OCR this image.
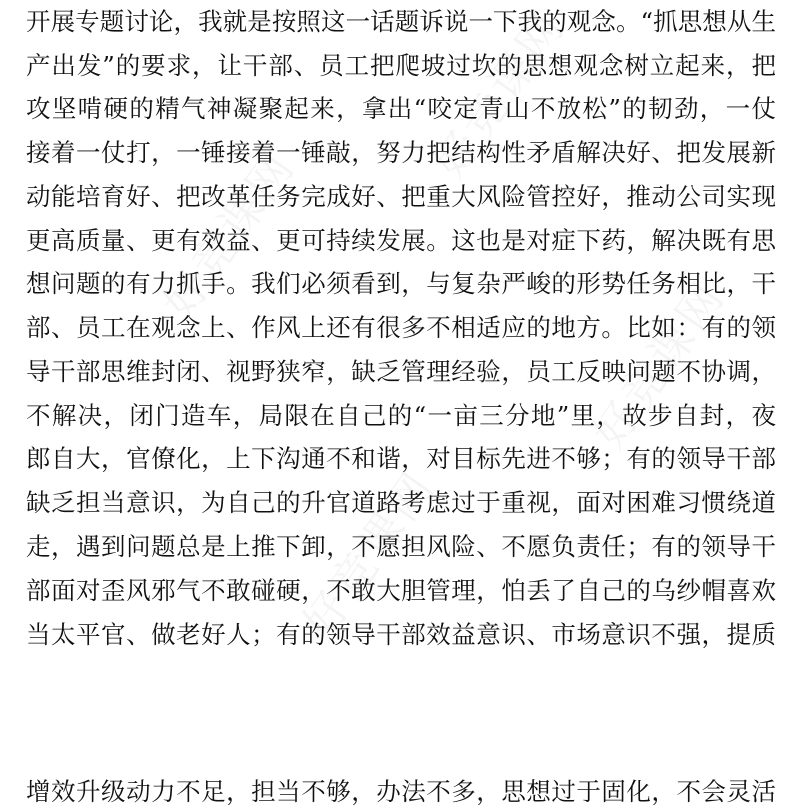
好竞课网
好竞课网
好竞课网
好竞课网
开展专题讨论，我就是按照这一话题诉说一下我的观念。“抓思想从生
产出发”的要求，让干部、员工把爬坡过坎的思想观念树立起来，把
攻坚啃硬的精气神凝聚起来，拿出“咬定青山不放松”的韧劲，一仗
接着一仗打，一锤接着一锤敲，努力把结构性矛盾解决好、把发展新
动能培育好、把改革任务完成好、把重大风险管控好，推动公司实现
更高质量、更有效益、更可持续发展。这也是对症下药，解决既有思
想问题的有力抓手。我们必须看到，与复杂严峻的形势任务相比，干
部、员工在观念上、作风上还有很多不相适应的地方。比如：有的领
导干部思维封闭、视野狭窄，缺乏管理经验，员工反映问题不协调，
不解决，闭门造车，局限在自己的“一亩三分地”里，故步自封，夜
郎自大，官僚化，上下沟通不和谐，对目标先进不够；有的领导干部
缺乏担当意识，为自己的升官道路考虑过于重视，面对困难习惯绕道
走，遇到问题总是上推下卸，不愿担风险、不愿负责任；有的领导干
部面对歪风邪气不敢碰硬，不敢大胆管理，怕丢了自己的乌纱帽喜欢
当太平官、做老好人；有的领导干部效益意识、市场意识不强，提质
增效升级动力不足，担当不够，办法不多，思想过于固化，不会灵活
